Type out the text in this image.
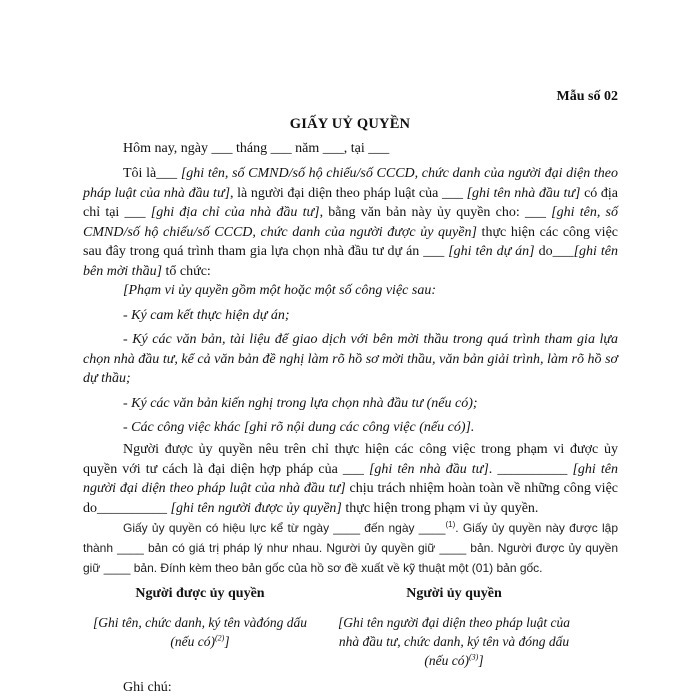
Mẫu số 02
GIẤY UỶ QUYỀN
Hôm nay, ngày ___ tháng ___ năm ___, tại ___

Tôi là___ [ghi tên, số CMND/số hộ chiếu/số CCCD, chức danh của người đại diện theo pháp luật của nhà đầu tư], là người đại diện theo pháp luật của ___ [ghi tên nhà đầu tư] có địa chỉ tại ___ [ghi địa chỉ của nhà đầu tư], bằng văn bản này ủy quyền cho: ___ [ghi tên, số CMND/số hộ chiếu/số CCCD, chức danh của người được ủy quyền] thực hiện các công việc sau đây trong quá trình tham gia lựa chọn nhà đầu tư dự án ___ [ghi tên dự án] do___[ghi tên bên mời thầu] tổ chức:

[Phạm vi ủy quyền gồm một hoặc một số công việc sau:

- Ký cam kết thực hiện dự án;

- Ký các văn bản, tài liệu để giao dịch với bên mời thầu trong quá trình tham gia lựa chọn nhà đầu tư, kể cả văn bản đề nghị làm rõ hồ sơ mời thầu, văn bản giải trình, làm rõ hồ sơ dự thầu;

- Ký các văn bản kiến nghị trong lựa chọn nhà đầu tư (nếu có);

- Các công việc khác [ghi rõ nội dung các công việc (nếu có)].

Người được ủy quyền nêu trên chỉ thực hiện các công việc trong phạm vi được ủy quyền với tư cách là đại diện hợp pháp của ___ [ghi tên nhà đầu tư]. __________ [ghi tên người đại diện theo pháp luật của nhà đầu tư] chịu trách nhiệm hoàn toàn về những công việc do__________ [ghi tên người được ủy quyền] thực hiện trong phạm vi ủy quyền.

Giấy ủy quyền có hiệu lực kể từ ngày ____ đến ngày ____$^{(1)}$. Giấy ủy quyền này được lập thành ____ bản có giá trị pháp lý như nhau. Người ủy quyền giữ ____ bản. Người được ủy quyền giữ ____ bản. Đính kèm theo bản gốc của hồ sơ đề xuất về kỹ thuật một (01) bản gốc.

Người được ủy quyền
[Ghi tên, chức danh, ký tên vàđóng dấu (nếu có)$^{(2)}$]
Người ủy quyền
[Ghi tên người đại diện theo pháp luật của nhà đầu tư, chức danh, ký tên và đóng dấu (nếu có)$^{(3)}$]
Ghi chú:
